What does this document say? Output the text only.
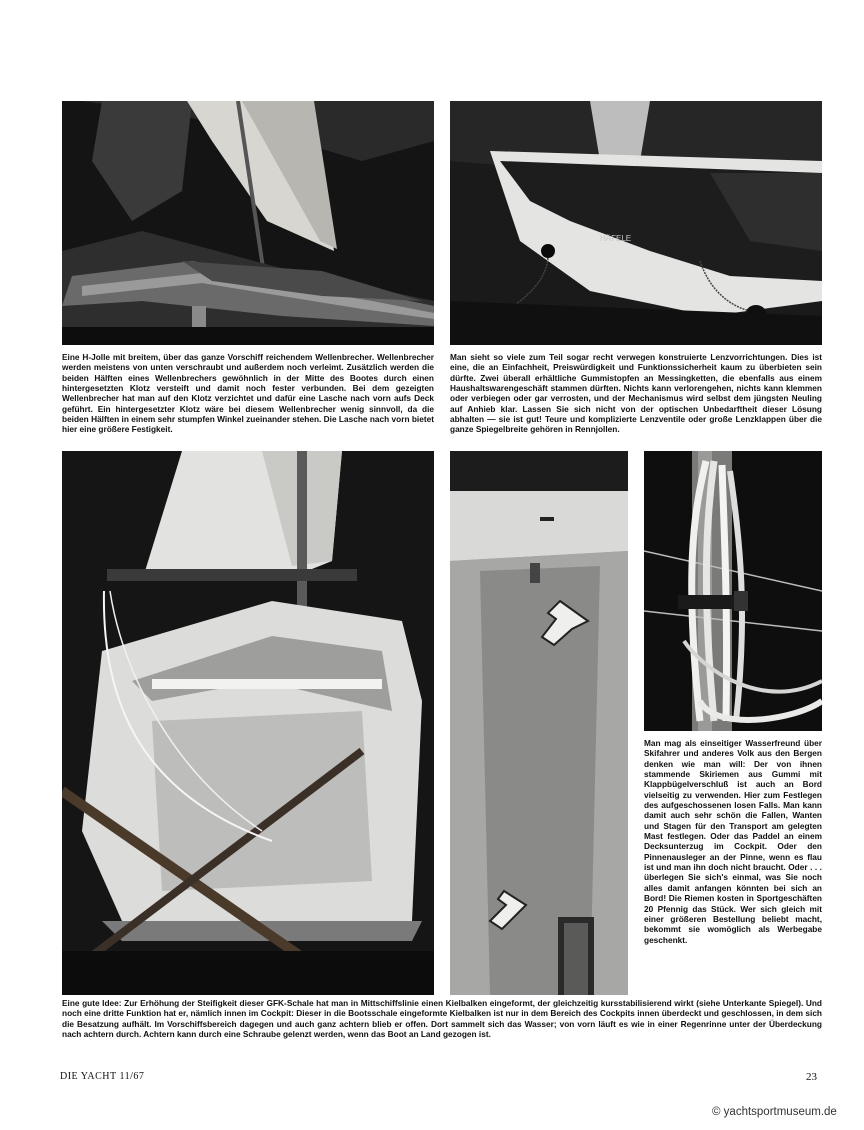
HÄFELE

Eine H-Jolle mit breitem, über das ganze Vorschiff reichendem Wellenbrecher. Wellenbrecher werden meistens von unten verschraubt und außerdem noch verleimt. Zusätzlich werden die beiden Hälften eines Wellenbrechers gewöhnlich in der Mitte des Bootes durch einen hintergesetzten Klotz versteift und damit noch fester verbunden. Bei dem gezeigten Wellenbrecher hat man auf den Klotz verzichtet und dafür eine Lasche nach vorn aufs Deck geführt. Ein hintergesetzter Klotz wäre bei diesem Wellenbrecher wenig sinnvoll, da die beiden Hälften in einem sehr stumpfen Winkel zueinander stehen. Die Lasche nach vorn bietet hier eine größere Festigkeit.

Man sieht so viele zum Teil sogar recht verwegen konstruierte Lenzvorrichtungen. Dies ist eine, die an Einfachheit, Preiswürdigkeit und Funktionssicherheit kaum zu überbieten sein dürfte. Zwei überall erhältliche Gummistopfen an Messingketten, die ebenfalls aus einem Haushaltswarengeschäft stammen dürften. Nichts kann verlorengehen, nichts kann klemmen oder verbiegen oder gar verrosten, und der Mechanismus wird selbst dem jüngsten Neuling auf Anhieb klar. Lassen Sie sich nicht von der optischen Unbedarftheit dieser Lösung abhalten — sie ist gut! Teure und komplizierte Lenzventile oder große Lenzklappen über die ganze Spiegelbreite gehören in Rennjollen.

Man mag als einseitiger Wasserfreund über Skifahrer und anderes Volk aus den Bergen denken wie man will: Der von ihnen stammende Skiriemen aus Gummi mit Klappbügelverschluß ist auch an Bord vielseitig zu verwenden. Hier zum Festlegen des aufgeschossenen losen Falls. Man kann damit auch sehr schön die Fallen, Wanten und Stagen für den Transport am gelegten Mast festlegen. Oder das Paddel an einem Decksunterzug im Cockpit. Oder den Pinnenausleger an der Pinne, wenn es flau ist und man ihn doch nicht braucht. Oder . . . überlegen Sie sich's einmal, was Sie noch alles damit anfangen könnten bei sich an Bord! Die Riemen kosten in Sportgeschäften 20 Pfennig das Stück. Wer sich gleich mit einer größeren Bestellung beliebt macht, bekommt sie womöglich als Werbegabe geschenkt.

Eine gute Idee: Zur Erhöhung der Steifigkeit dieser GFK-Schale hat man in Mittschiffslinie einen Kielbalken eingeformt, der gleichzeitig kursstabilisierend wirkt (siehe Unterkante Spiegel). Und noch eine dritte Funktion hat er, nämlich innen im Cockpit: Dieser in die Bootsschale eingeformte Kielbalken ist nur in dem Bereich des Cockpits innen überdeckt und geschlossen, in dem sich die Besatzung aufhält. Im Vorschiffsbereich dagegen und auch ganz achtern blieb er offen. Dort sammelt sich das Wasser; von vorn läuft es wie in einer Regenrinne unter der Überdeckung nach achtern durch. Achtern kann durch eine Schraube gelenzt werden, wenn das Boot an Land gezogen ist.

DIE YACHT 11/67	23
© yachtsportmuseum.de
